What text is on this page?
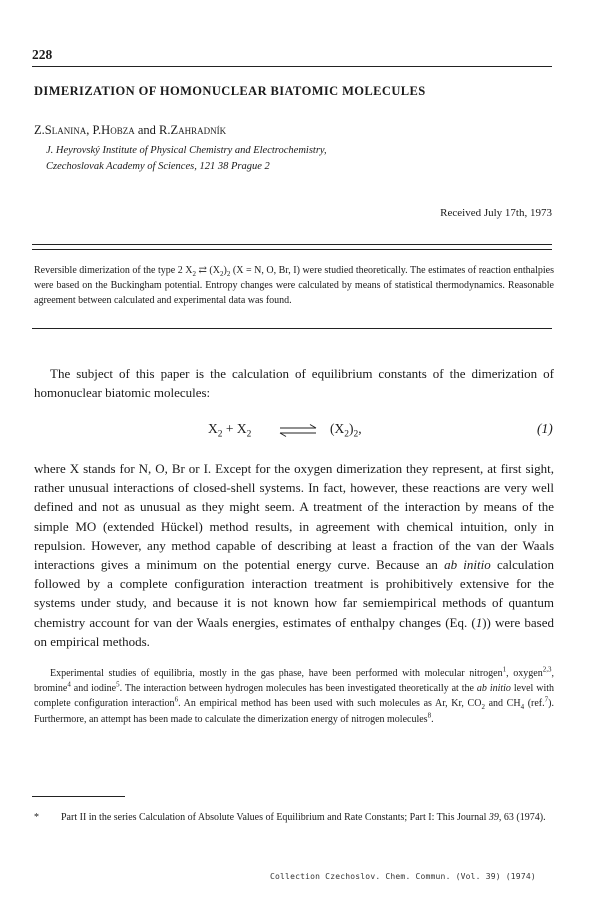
228
DIMERIZATION OF HOMONUCLEAR BIATOMIC MOLECULES
Z.Slanina, P.Hobza and R.Zahradník
J. Heyrovský Institute of Physical Chemistry and Electrochemistry,
Czechoslovak Academy of Sciences, 121 38 Prague 2
Received July 17th, 1973
Reversible dimerization of the type 2 $X_2$ ⇄ $(X_2)_2$ (X = N, O, Br, I) were studied theoretically. The estimates of reaction enthalpies were based on the Buckingham potential. Entropy changes were calculated by means of statistical thermodynamics. Reasonable agreement between calculated and experimental data was found.

The subject of this paper is the calculation of equilibrium constants of the dimerization of homonuclear biatomic molecules:

$X_2 + X_2$ ⇌ $(X_2)_2$,	(1)

where X stands for N, O, Br or I. Except for the oxygen dimerization they represent, at first sight, rather unusual interactions of closed-shell systems. In fact, however, these reactions are very well defined and not as unusual as they might seem. A treatment of the interaction by means of the simple MO (extended Hückel) method results, in agreement with chemical intuition, only in repulsion. However, any method capable of describing at least a fraction of the van der Waals interactions gives a minimum on the potential energy curve. Because an ab initio calculation followed by a complete configuration interaction treatment is prohibitively extensive for the systems under study, and because it is not known how far semiempirical methods of quantum chemistry account for van der Waals energies, estimates of enthalpy changes (Eq. (1)) were based on empirical methods.

Experimental studies of equilibria, mostly in the gas phase, have been performed with molecular nitrogen$^1$, oxygen$^{2,3}$, bromine$^4$ and iodine$^5$. The interaction between hydrogen molecules has been investigated theoretically at the ab initio level with complete configuration interaction$^6$. An empirical method has been used with such molecules as Ar, Kr, $CO_2$ and $CH_4$ (ref.$^7$). Furthermore, an attempt has been made to calculate the dimerization energy of nitrogen molecules$^8$.

*	Part II in the series Calculation of Absolute Values of Equilibrium and Rate Constants; Part I: This Journal 39, 63 (1974).
Collection Czechoslov. Chem. Commun. (Vol. 39) (1974)
